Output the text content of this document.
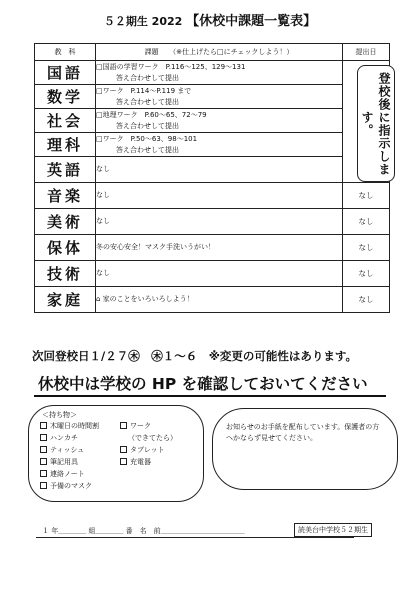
５２期生 2022 【休校中課題一覧表】
教　科	課題　　（※仕上げたら□にチェックしよう！）	提出日
国語	□国語の学習ワーク　P.116～125、129～131
答え合わせして提出	登校後に指示します。

数学	□ワーク　P.114～P.119 まで
答え合わせして提出	

社会	□地理ワーク　P.60～65、72～79
答え合わせして提出	

理科	□ワーク　P.50～63、98～101
答え合わせして提出	

英語	なし	
音楽	なし	なし
美術	なし	なし
保体	冬の安心安全！マスク手洗いうがい！	なし
技術	なし	なし
家庭	⌂ 家のことをいろいろしよう！	なし
次回登校日１/２７㊍　㊍１～６　※変更の可能性はあります。
休校中は学校の HP を確認しておいてください
＜持ち物＞
木曜日の時間割
ハンカチ
ティッシュ
筆記用具
連絡ノート
予備のマスク
ワーク
（できてたら）
タブレット
充電器
お知らせのお手紙を配布しています。保護者の方へかならず見せてください。
１ 年＿＿＿＿ 組＿＿＿＿ 番　名　前＿＿＿＿＿＿＿＿＿＿＿＿	読美台中学校５２期生
